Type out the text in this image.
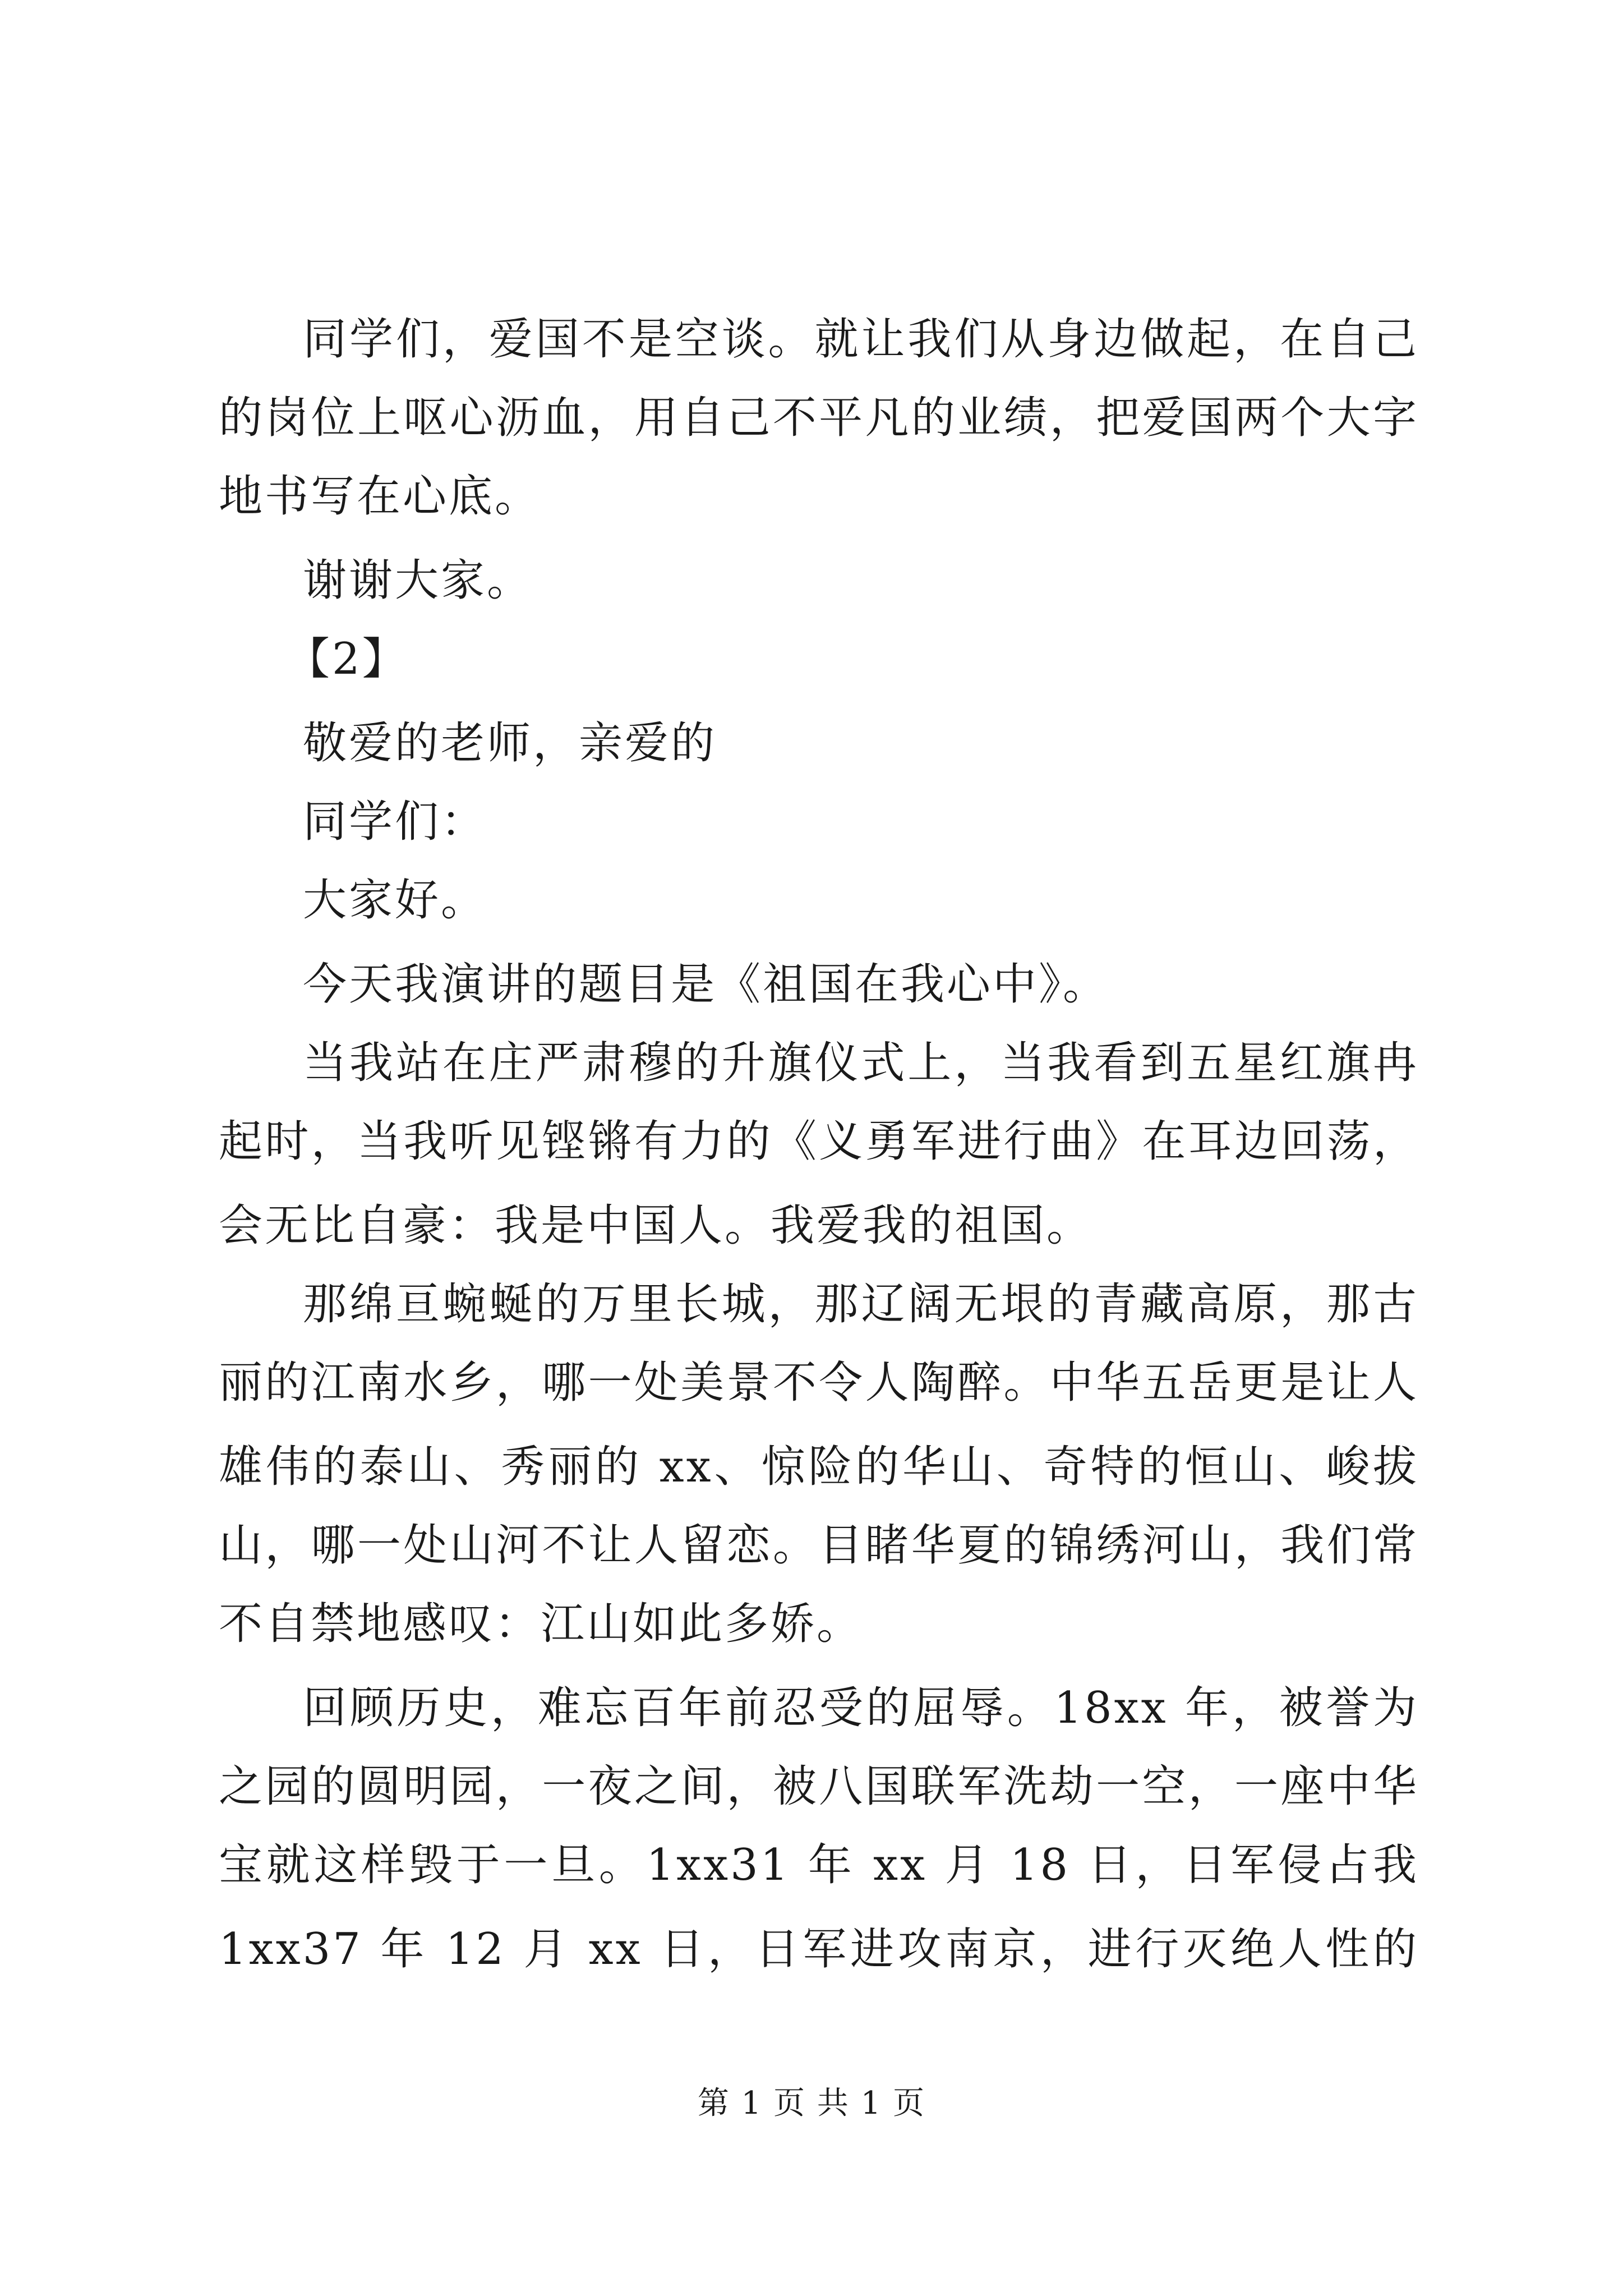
同学们，爱国不是空谈。就让我们从身边做起，在自己
的岗位上呕心沥血，用自己不平凡的业绩，把爱国两个大字
地书写在心底。
谢谢大家。
【2】
敬爱的老师，亲爱的
同学们：
大家好。
今天我演讲的题目是《祖国在我心中》。
当我站在庄严肃穆的升旗仪式上，当我看到五星红旗冉
起时，当我听见铿锵有力的《义勇军进行曲》在耳边回荡，
会无比自豪：我是中国人。我爱我的祖国。
那绵亘蜿蜒的万里长城，那辽阔无垠的青藏高原，那古
丽的江南水乡，哪一处美景不令人陶醉。中华五岳更是让人
雄伟的泰山、秀丽的 xx、惊险的华山、奇特的恒山、峻拔
山，哪一处山河不让人留恋。目睹华夏的锦绣河山，我们常
不自禁地感叹：江山如此多娇。
回顾历史，难忘百年前忍受的屈辱。18xx 年，被誉为
之园的圆明园，一夜之间，被八国联军洗劫一空，一座中华
宝就这样毁于一旦。1xx31 年 xx 月 18 日，日军侵占我
1xx37 年 12 月 xx 日，日军进攻南京，进行灭绝人性的
第 1 页 共 1 页
